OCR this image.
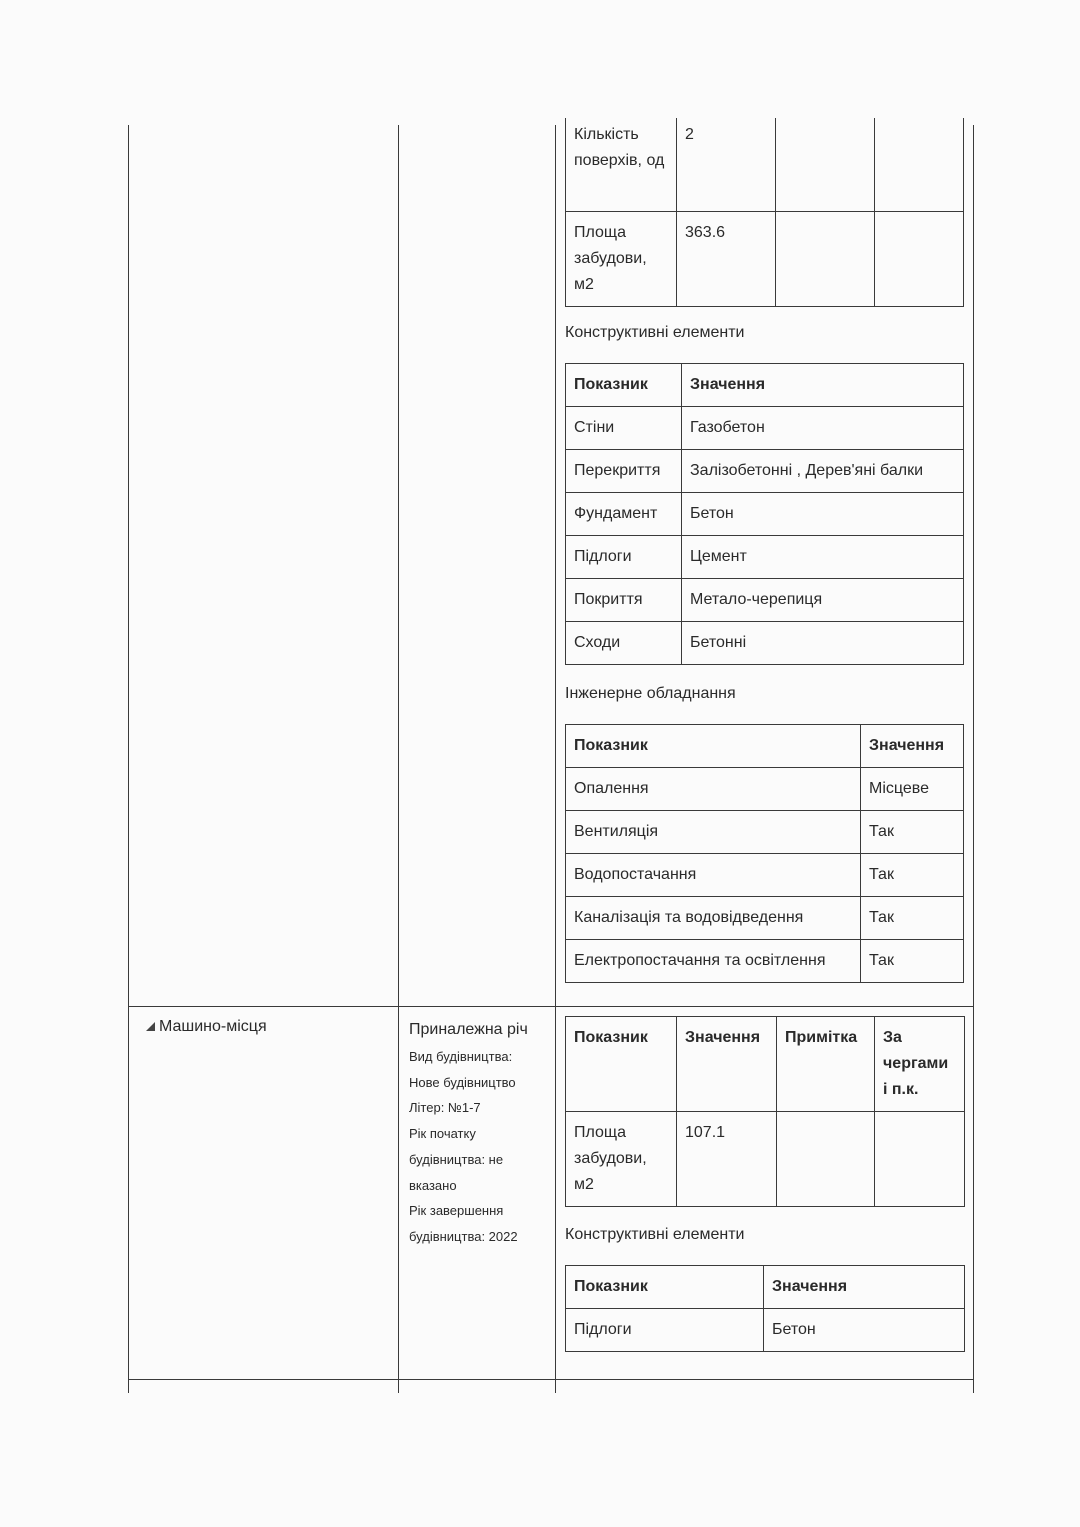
Кількість поверхів, од	2		
Площа забудови, м2	363.6		
Конструктивні елементи
Показник	Значення
Стіни	Газобетон
Перекриття	Залізобетонні , Дерев'яні балки
Фундамент	Бетон
Підлоги	Цемент
Покриття	Метало-черепиця
Сходи	Бетонні
Інженерне обладнання
Показник	Значення
Опалення	Місцеве
Вентиляція	Так
Водопостачання	Так
Каналізація та водовідведення	Так
Електропостачання та освітлення	Так
Машино-місця	Приналежна річ
Вид будівництва:
Нове будівництво
Літер: №1-7
Рік початку
будівництва: не
вказано
Рік завершення
будівництва: 2022
Показник	Значення	Примітка	За чергами і п.к.
Площа забудови, м2	107.1		
Конструктивні елементи
Показник	Значення
Підлоги	Бетон
